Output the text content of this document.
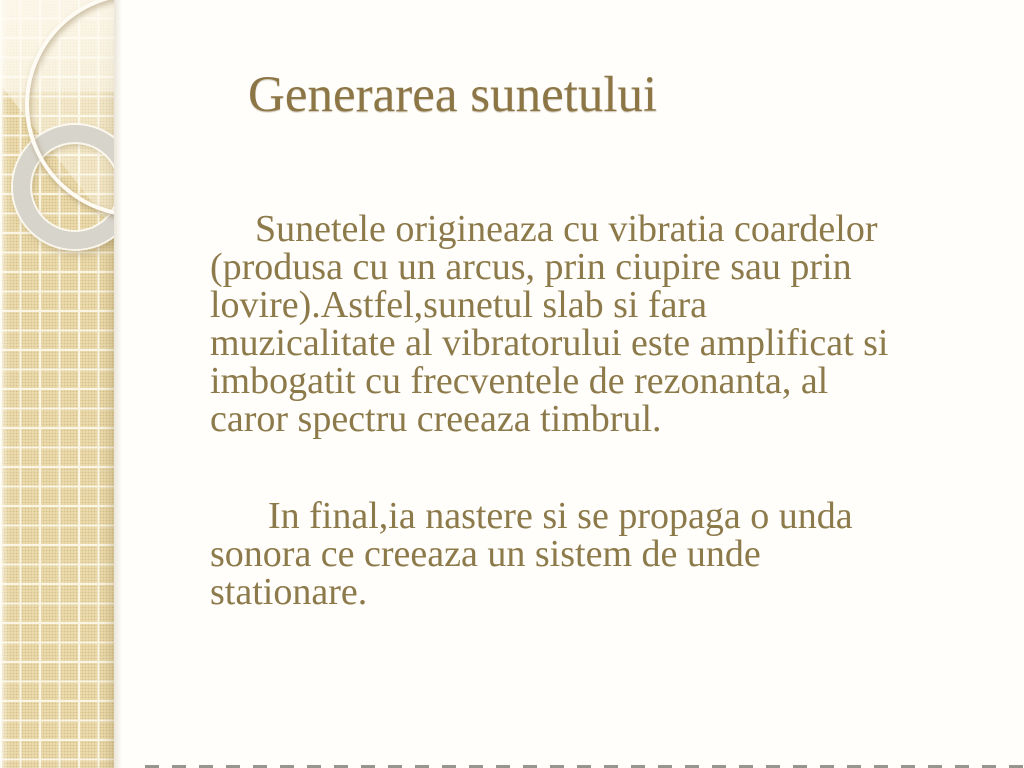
Generarea sunetului
Sunetele origineaza cu vibratia coardelor
(produsa cu un arcus, prin ciupire sau prin
lovire).Astfel,sunetul slab si fara
muzicalitate al vibratorului este amplificat si
imbogatit cu frecventele de rezonanta, al
caror spectru creeaza timbrul.
In final,ia nastere si se propaga o unda
sonora ce creeaza un sistem de unde
stationare.
